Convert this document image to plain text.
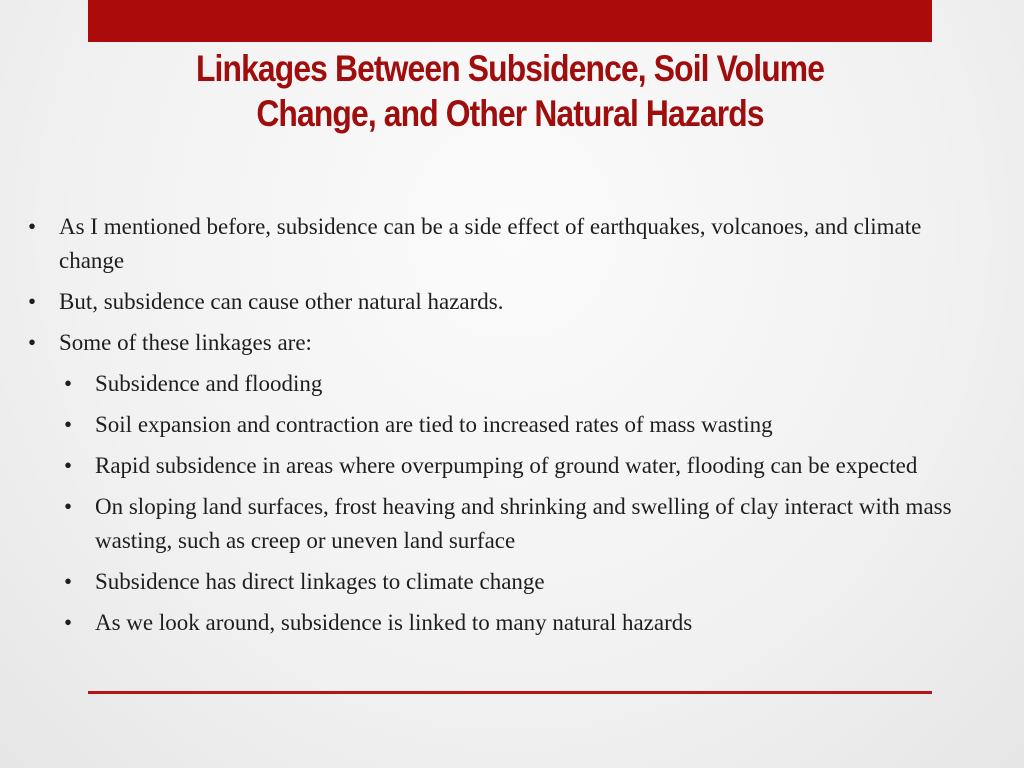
Linkages Between Subsidence, Soil Volume
Change, and Other Natural Hazards
• As I mentioned before, subsidence can be a side effect of earthquakes, volcanoes, and climate change
• But, subsidence can cause other natural hazards.
• Some of these linkages are:
• Subsidence and flooding
• Soil expansion and contraction are tied to increased rates of mass wasting
• Rapid subsidence in areas where overpumping of ground water, flooding can be expected
• On sloping land surfaces, frost heaving and shrinking and swelling of clay interact with mass wasting, such as creep or uneven land surface
• Subsidence has direct linkages to climate change
• As we look around, subsidence is linked to many natural hazards
